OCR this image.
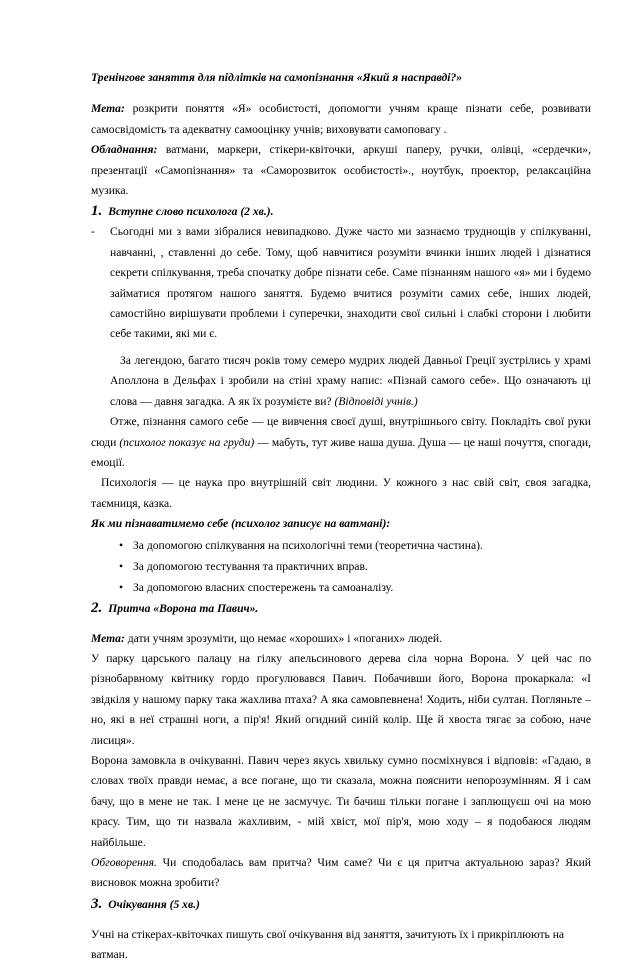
Тренінгове заняття для підлітків на самопізнання «Який я насправді?»

Мета: розкрити поняття «Я» особистості, допомогти учням краще пізнати себе, розвивати самосвідомість та адекватну самооцінку учнів; виховувати самоповагу .

Обладнання: ватмани, маркери, стікери-квіточки, аркуші паперу, ручки, олівці, «сердечки», презентації «Самопізнання» та «Саморозвиток особистості»., ноутбук, проектор, релаксаційна музика.

1. Вступне слово психолога (2 хв.).

-	Сьогодні ми з вами зібралися невипадково. Дуже часто ми зазнаємо труднощів у спілкуванні, навчанні, , ставленні до себе. Тому, щоб навчитися розуміти вчинки інших людей і дізнатися секрети спілкування, треба спочатку добре пізнати себе. Саме пізнанням нашого «я» ми і будемо займатися протягом нашого заняття. Будемо вчитися розуміти самих себе, інших людей, самостійно вирішувати проблеми і суперечки, знаходити свої сильні і слабкі сторони і любити себе такими, які ми є.

За легендою, багато тисяч років тому семеро мудрих людей Давньої Греції зустрілись у храмі Аполлона в Дельфах і зробили на стіні храму напис: «Пізнай самого себе». Що означають ці слова — давня загадка. А як їх розумієте ви? (Відповіді учнів.)

Отже, пізнання самого себе — це вивчення своєї душі, внутрішнього світу. Покладіть свої руки сюди (психолог показує на груди) — мабуть, тут живе наша душа. Душа — це наші почуття, спогади, емоції.

Психологія — це наука про внутрішній світ людини. У кожного з нас свій світ, своя загадка, таємниця, казка.

Як ми пізнаватимемо себе (психолог записує на ватмані):

• За допомогою спілкування на психологічні теми (теоретична частина).
• За допомогою тестування та практичних вправ.
• За допомогою власних спостережень та самоаналізу.

2. Притча «Ворона та Павич».

Мета: дати учням зрозуміти, що немає «хороших» і «поганих» людей.

У парку царського палацу на гілку апельсинового дерева сіла чорна Ворона. У цей час по різнобарвному квітнику гордо прогулювався Павич. Побачивши його, Ворона прокаркала: «І звідкіля у нашому парку така жахлива птаха? А яка самовпевнена! Ходить, ніби султан. Погляньте – но, які в неї страшні ноги, а пір'я! Який огидний синій колір. Ще й хвоста тягає за собою, наче лисиця».

Ворона замовкла в очікуванні. Павич через якусь хвильку сумно посміхнувся і відповів: «Гадаю, в словах твоїх правди немає, а все погане, що ти сказала, можна пояснити непорозумінням. Я і сам бачу, що в мене не так. І мене це не засмучує. Ти бачиш тільки погане і заплющуєш очі на мою красу. Тим, що ти назвала жахливим, - мій хвіст, мої пір'я, мою ходу – я подобаюся людям найбільше.

Обговорення. Чи сподобалась вам притча? Чим саме? Чи є ця притча актуальною зараз? Який висновок можна зробити?

3. Очікування (5 хв.)

Учні на стікерах-квіточках пишуть свої очікування від заняття, зачитують їх і прикріплюють на ватман.
